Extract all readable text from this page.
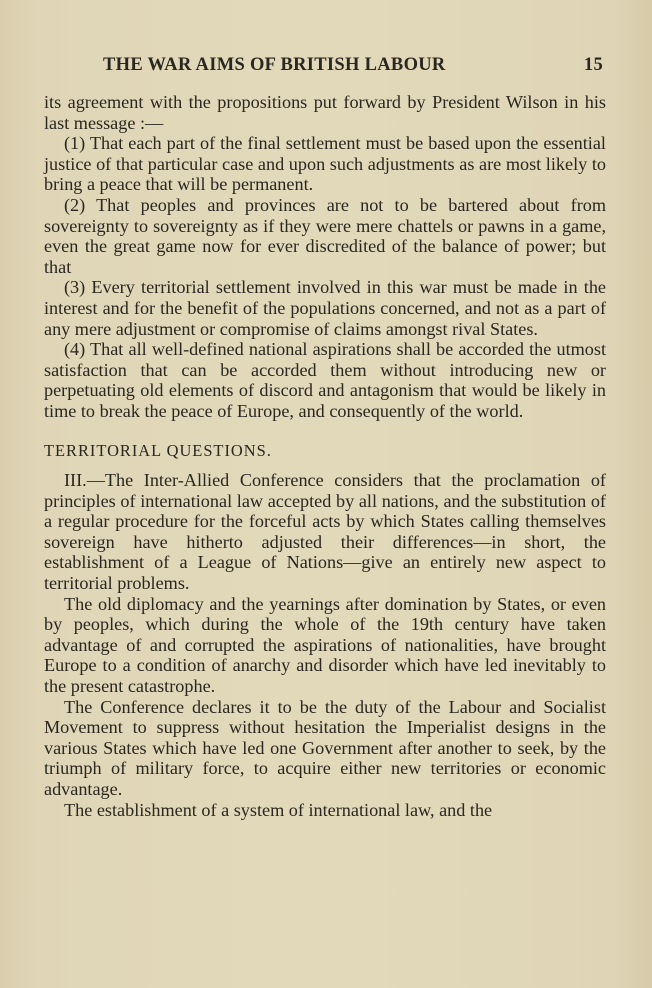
THE WAR AIMS OF BRITISH LABOUR	15

its agreement with the propositions put forward by President Wilson in his last message :—

(1) That each part of the final settlement must be based upon the essential justice of that particular case and upon such adjustments as are most likely to bring a peace that will be permanent.

(2) That peoples and provinces are not to be bartered about from sovereignty to sovereignty as if they were mere chattels or pawns in a game, even the great game now for ever discredited of the balance of power; but that

(3) Every territorial settlement involved in this war must be made in the interest and for the benefit of the populations concerned, and not as a part of any mere adjustment or compromise of claims amongst rival States.

(4) That all well-defined national aspirations shall be accorded the utmost satisfaction that can be accorded them without introducing new or perpetuating old elements of discord and antagonism that would be likely in time to break the peace of Europe, and consequently of the world.

TERRITORIAL QUESTIONS.

III.—The Inter-Allied Conference considers that the proclamation of principles of international law accepted by all nations, and the substitution of a regular procedure for the forceful acts by which States calling themselves sovereign have hitherto adjusted their differences—in short, the establishment of a League of Nations—give an entirely new aspect to territorial problems.

The old diplomacy and the yearnings after domination by States, or even by peoples, which during the whole of the 19th century have taken advantage of and corrupted the aspirations of nationalities, have brought Europe to a condition of anarchy and disorder which have led inevitably to the present catastrophe.

The Conference declares it to be the duty of the Labour and Socialist Movement to suppress without hesitation the Imperialist designs in the various States which have led one Government after another to seek, by the triumph of military force, to acquire either new territories or economic advantage.

The establishment of a system of international law, and the
